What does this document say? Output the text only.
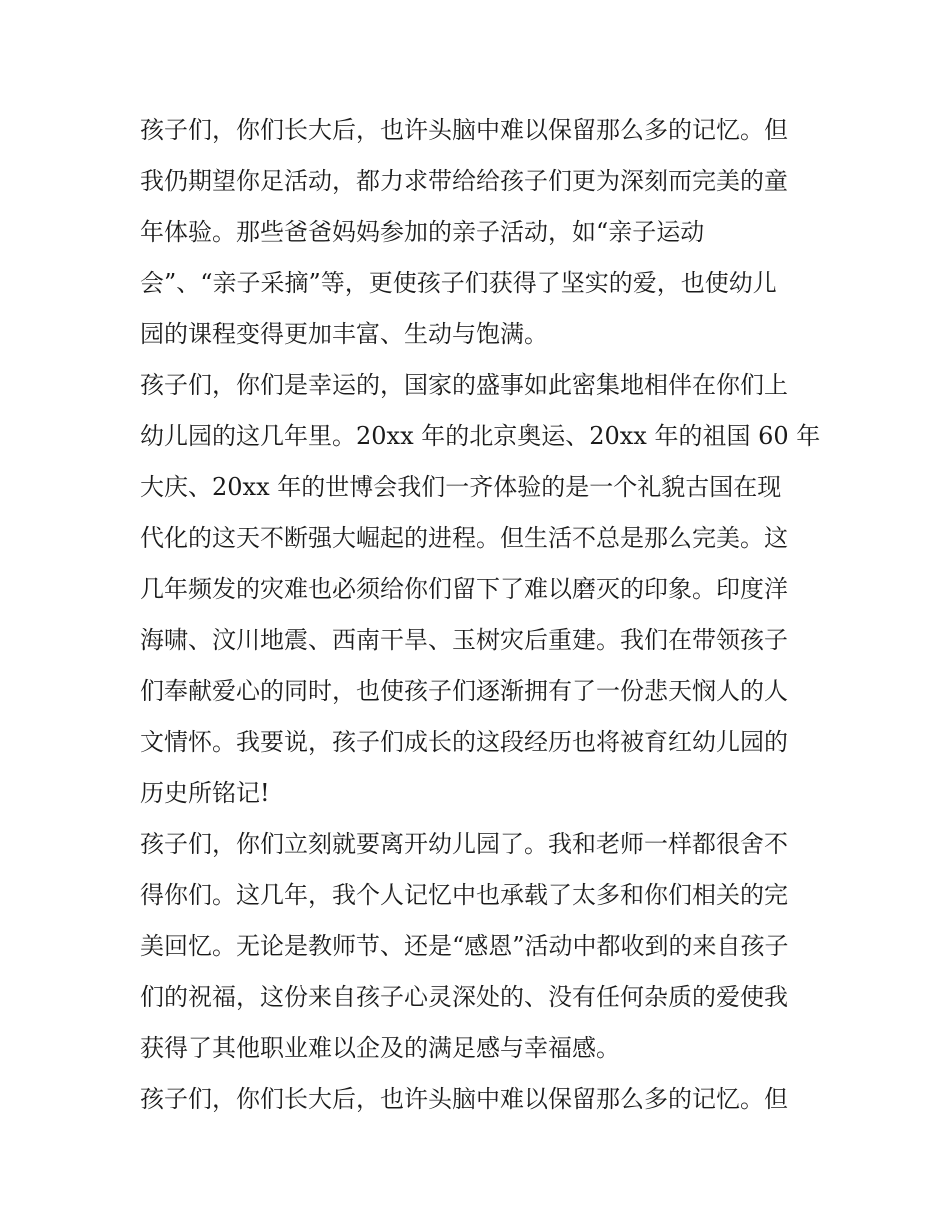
孩子们，你们长大后，也许头脑中难以保留那么多的记忆。但
我仍期望你足活动，都力求带给给孩子们更为深刻而完美的童
年体验。那些爸爸妈妈参加的亲子活动，如“亲子运动
会”、“亲子采摘”等，更使孩子们获得了坚实的爱，也使幼儿
园的课程变得更加丰富、生动与饱满。

孩子们，你们是幸运的，国家的盛事如此密集地相伴在你们上
幼儿园的这几年里。20xx 年的北京奥运、20xx 年的祖国 60 年
大庆、20xx 年的世博会我们一齐体验的是一个礼貌古国在现
代化的这天不断强大崛起的进程。但生活不总是那么完美。这
几年频发的灾难也必须给你们留下了难以磨灭的印象。印度洋
海啸、汶川地震、西南干旱、玉树灾后重建。我们在带领孩子
们奉献爱心的同时，也使孩子们逐渐拥有了一份悲天悯人的人
文情怀。我要说，孩子们成长的这段经历也将被育红幼儿园的
历史所铭记!

孩子们，你们立刻就要离开幼儿园了。我和老师一样都很舍不
得你们。这几年，我个人记忆中也承载了太多和你们相关的完
美回忆。无论是教师节、还是“感恩”活动中都收到的来自孩子
们的祝福，这份来自孩子心灵深处的、没有任何杂质的爱使我
获得了其他职业难以企及的满足感与幸福感。

孩子们，你们长大后，也许头脑中难以保留那么多的记忆。但
